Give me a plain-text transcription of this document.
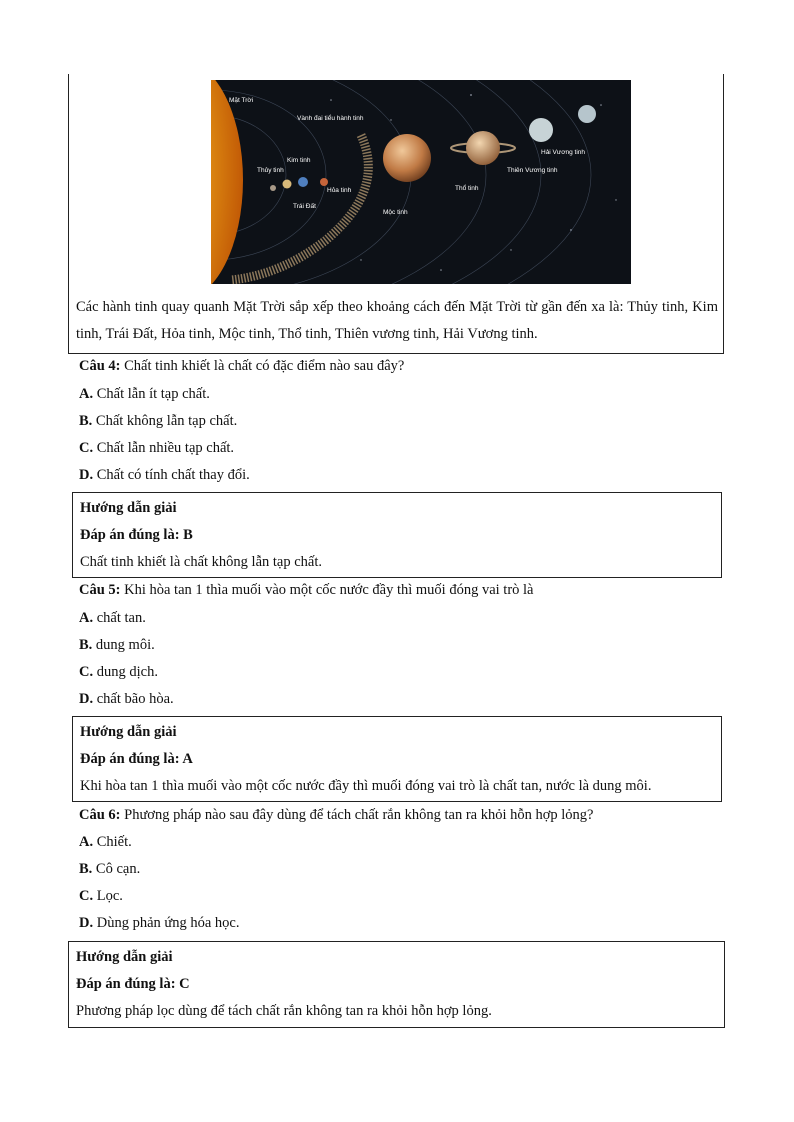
Mặt Trời
Vành đai tiểu hành tinh
Kim tinh
Thủy tinh
Trái Đất
Hỏa tinh
Mộc tinh
Thổ tinh
Thiên Vương tinh
Hải Vương tinh
Các hành tinh quay quanh Mặt Trời sắp xếp theo khoảng cách đến Mặt Trời từ gần đến xa là: Thủy tinh, Kim tinh, Trái Đất, Hỏa tinh, Mộc tinh, Thổ tinh, Thiên vương tinh, Hải Vương tinh.
Câu 4: Chất tinh khiết là chất có đặc điểm nào sau đây?
A. Chất lẫn ít tạp chất.
B. Chất không lẫn tạp chất.
C. Chất lẫn nhiều tạp chất.
D. Chất có tính chất thay đổi.
Hướng dẫn giải
Đáp án đúng là: B
Chất tinh khiết là chất không lẫn tạp chất.
Câu 5: Khi hòa tan 1 thìa muối vào một cốc nước đầy thì muối đóng vai trò là
A. chất tan.
B. dung môi.
C. dung dịch.
D. chất bão hòa.
Hướng dẫn giải
Đáp án đúng là: A
Khi hòa tan 1 thìa muối vào một cốc nước đầy thì muối đóng vai trò là chất tan, nước là dung môi.
Câu 6: Phương pháp nào sau đây dùng để tách chất rắn không tan ra khỏi hỗn hợp lỏng?
A. Chiết.
B. Cô cạn.
C. Lọc.
D. Dùng phản ứng hóa học.
Hướng dẫn giải
Đáp án đúng là: C
Phương pháp lọc dùng để tách chất rắn không tan ra khỏi hỗn hợp lỏng.
